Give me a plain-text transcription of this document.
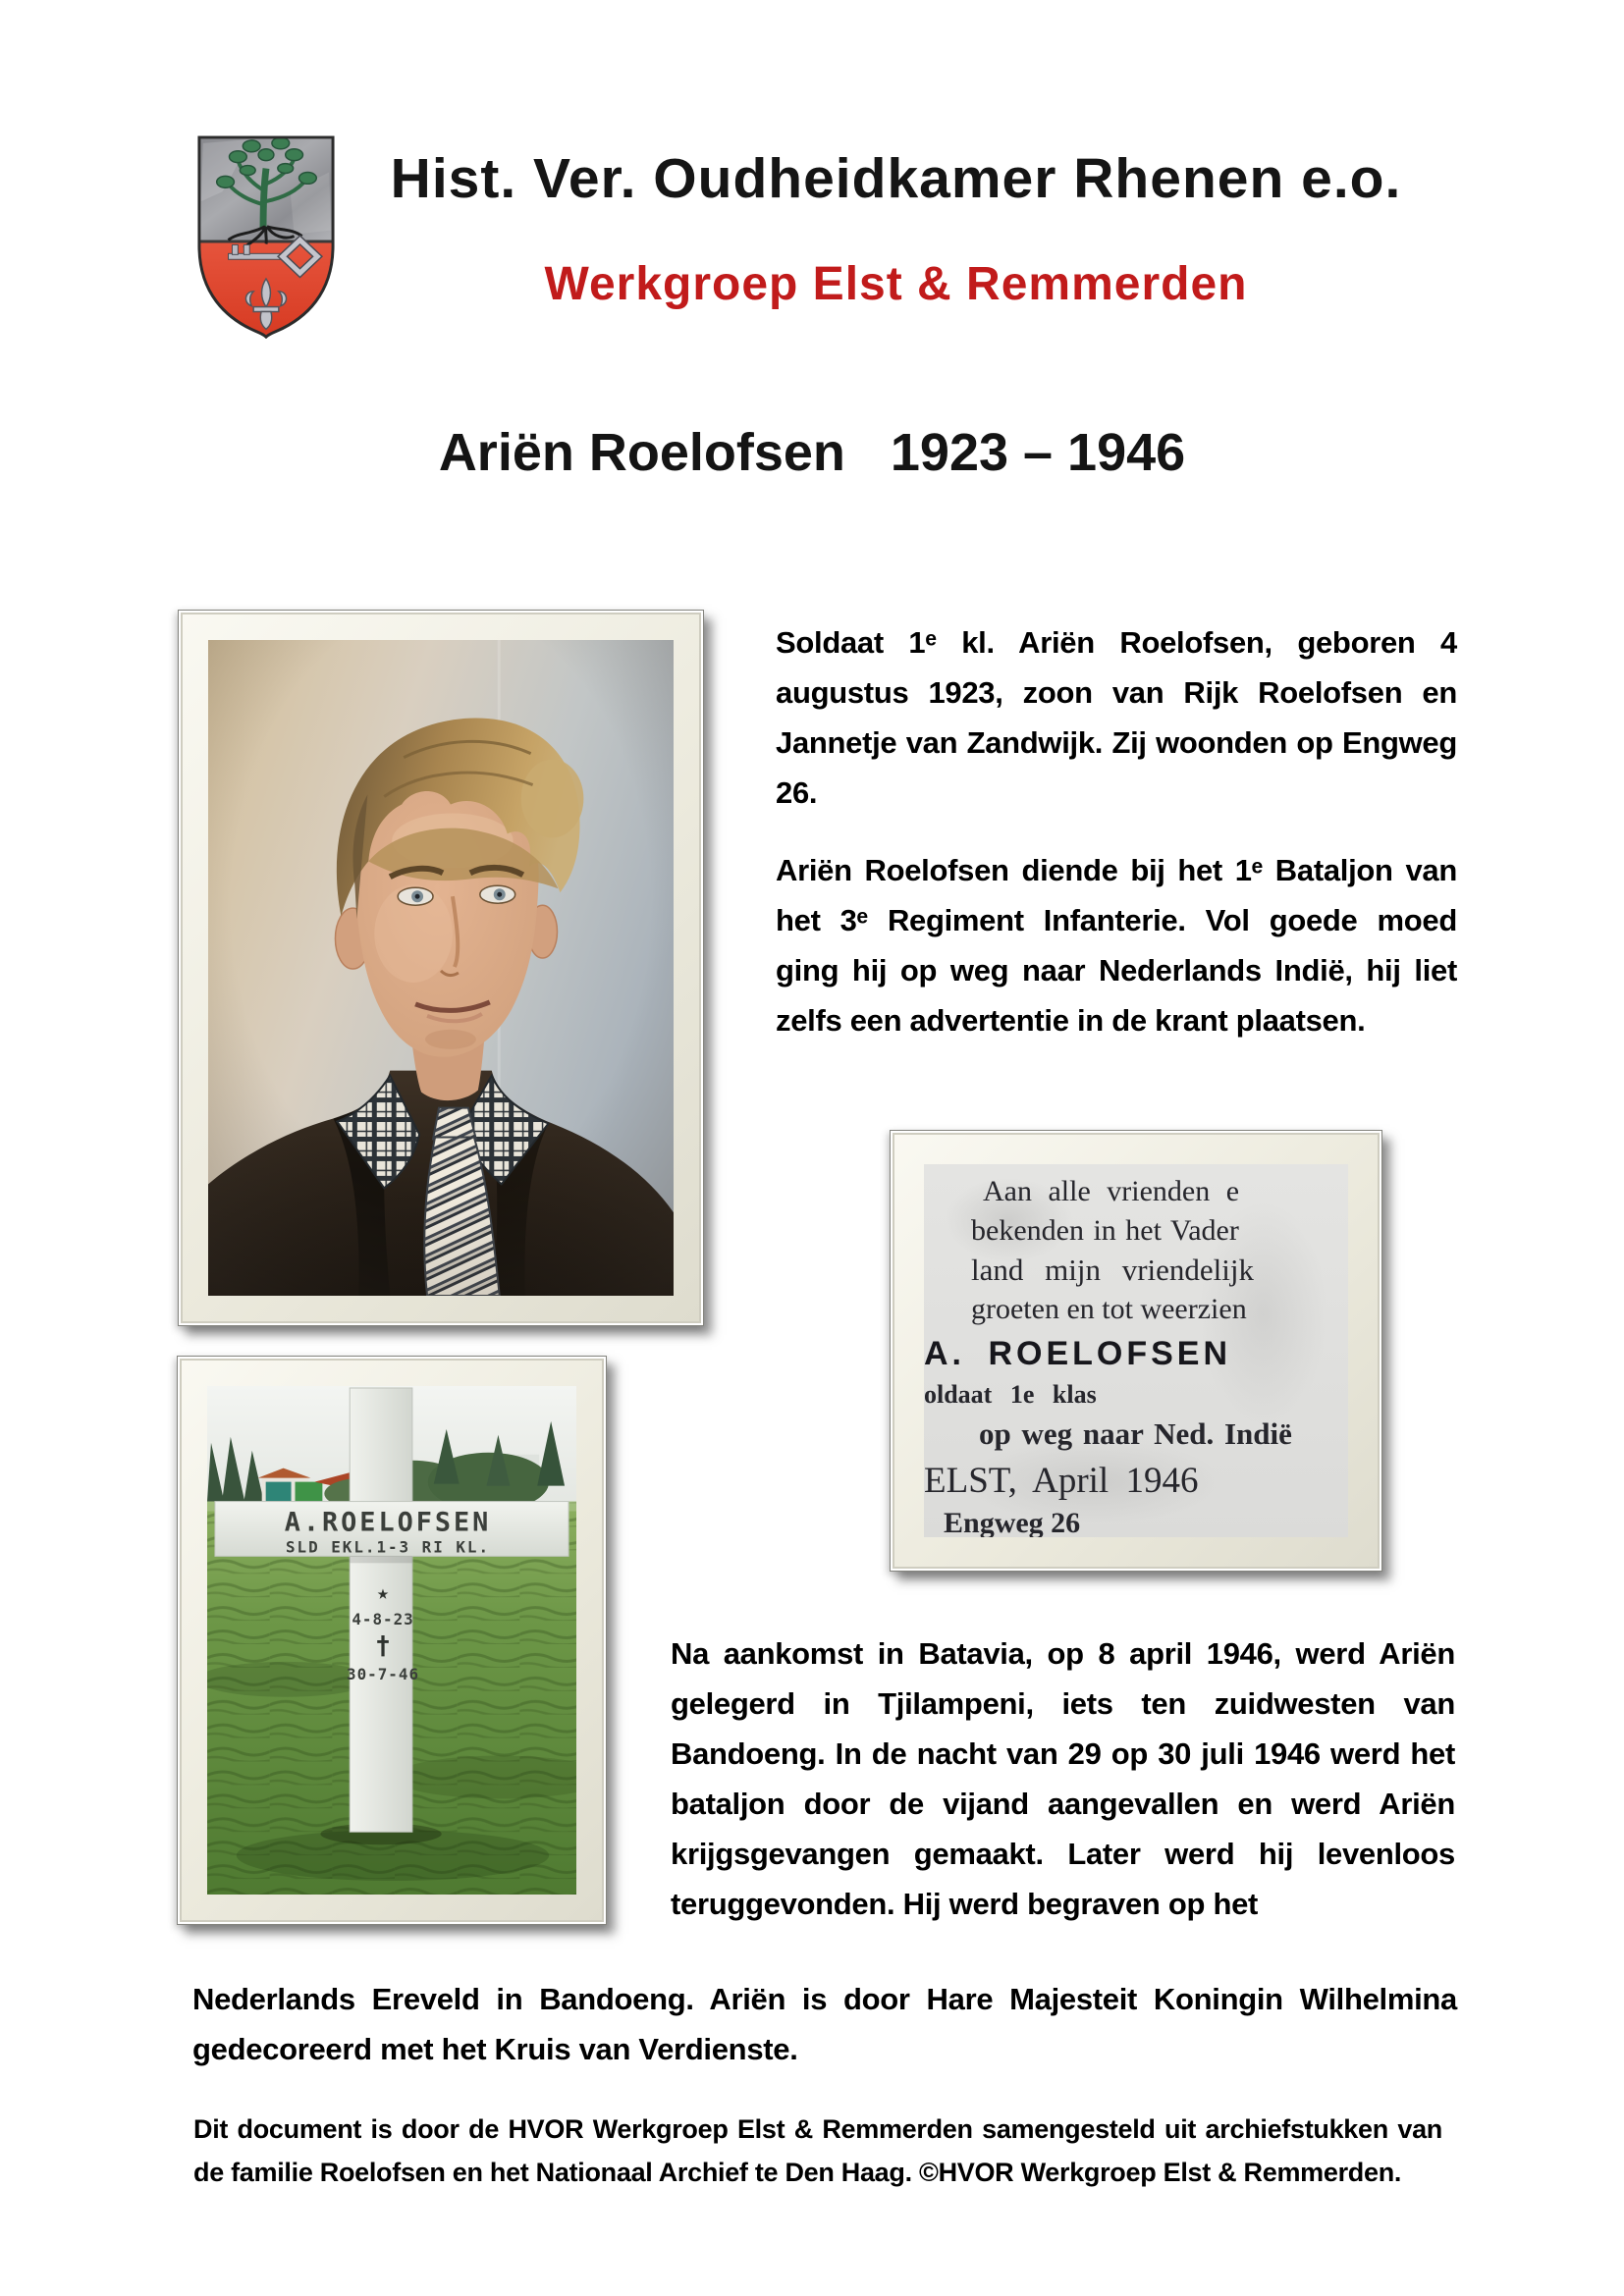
Hist. Ver. Oudheidkamer Rhenen e.o.
Werkgroep Elst & Remmerden
Ariën Roelofsen 1923 – 1946
Soldaat 1ᵉ kl. Ariën Roelofsen, geboren 4 augustus 1923, zoon van Rijk Roelofsen en Jannetje van Zandwijk. Zij woonden op Engweg 26.
Ariën Roelofsen diende bij het 1ᵉ Bataljon van het 3ᵉ Regiment Infanterie. Vol goede moed ging hij op weg naar Nederlands Indië, hij liet zelfs een advertentie in de krant plaatsen.
Aan alle vrienden e
bekenden in het Vader
land mijn vriendelijk
groeten en tot weerzien
A. ROELOFSEN
oldaat 1e klas
op weg naar Ned. Indië
ELST, April 1946
Engweg 26
A.ROELOFSEN
SLD EKL.1-3 RI KL.
★
4-8-23
†
30-7-46
Na aankomst in Batavia, op 8 april 1946, werd Ariën gelegerd in Tjilampeni, iets ten zuidwesten van Bandoeng. In de nacht van 29 op 30 juli 1946 werd het bataljon door de vijand aangevallen en werd Ariën krijgsgevangen gemaakt. Later werd hij levenloos teruggevonden. Hij werd begraven op het
Nederlands Ereveld in Bandoeng. Ariën is door Hare Majesteit Koningin Wilhelmina gedecoreerd met het Kruis van Verdienste.
Dit document is door de HVOR Werkgroep Elst & Remmerden samengesteld uit archiefstukken van de familie Roelofsen en het Nationaal Archief te Den Haag. ©HVOR Werkgroep Elst & Remmerden.
